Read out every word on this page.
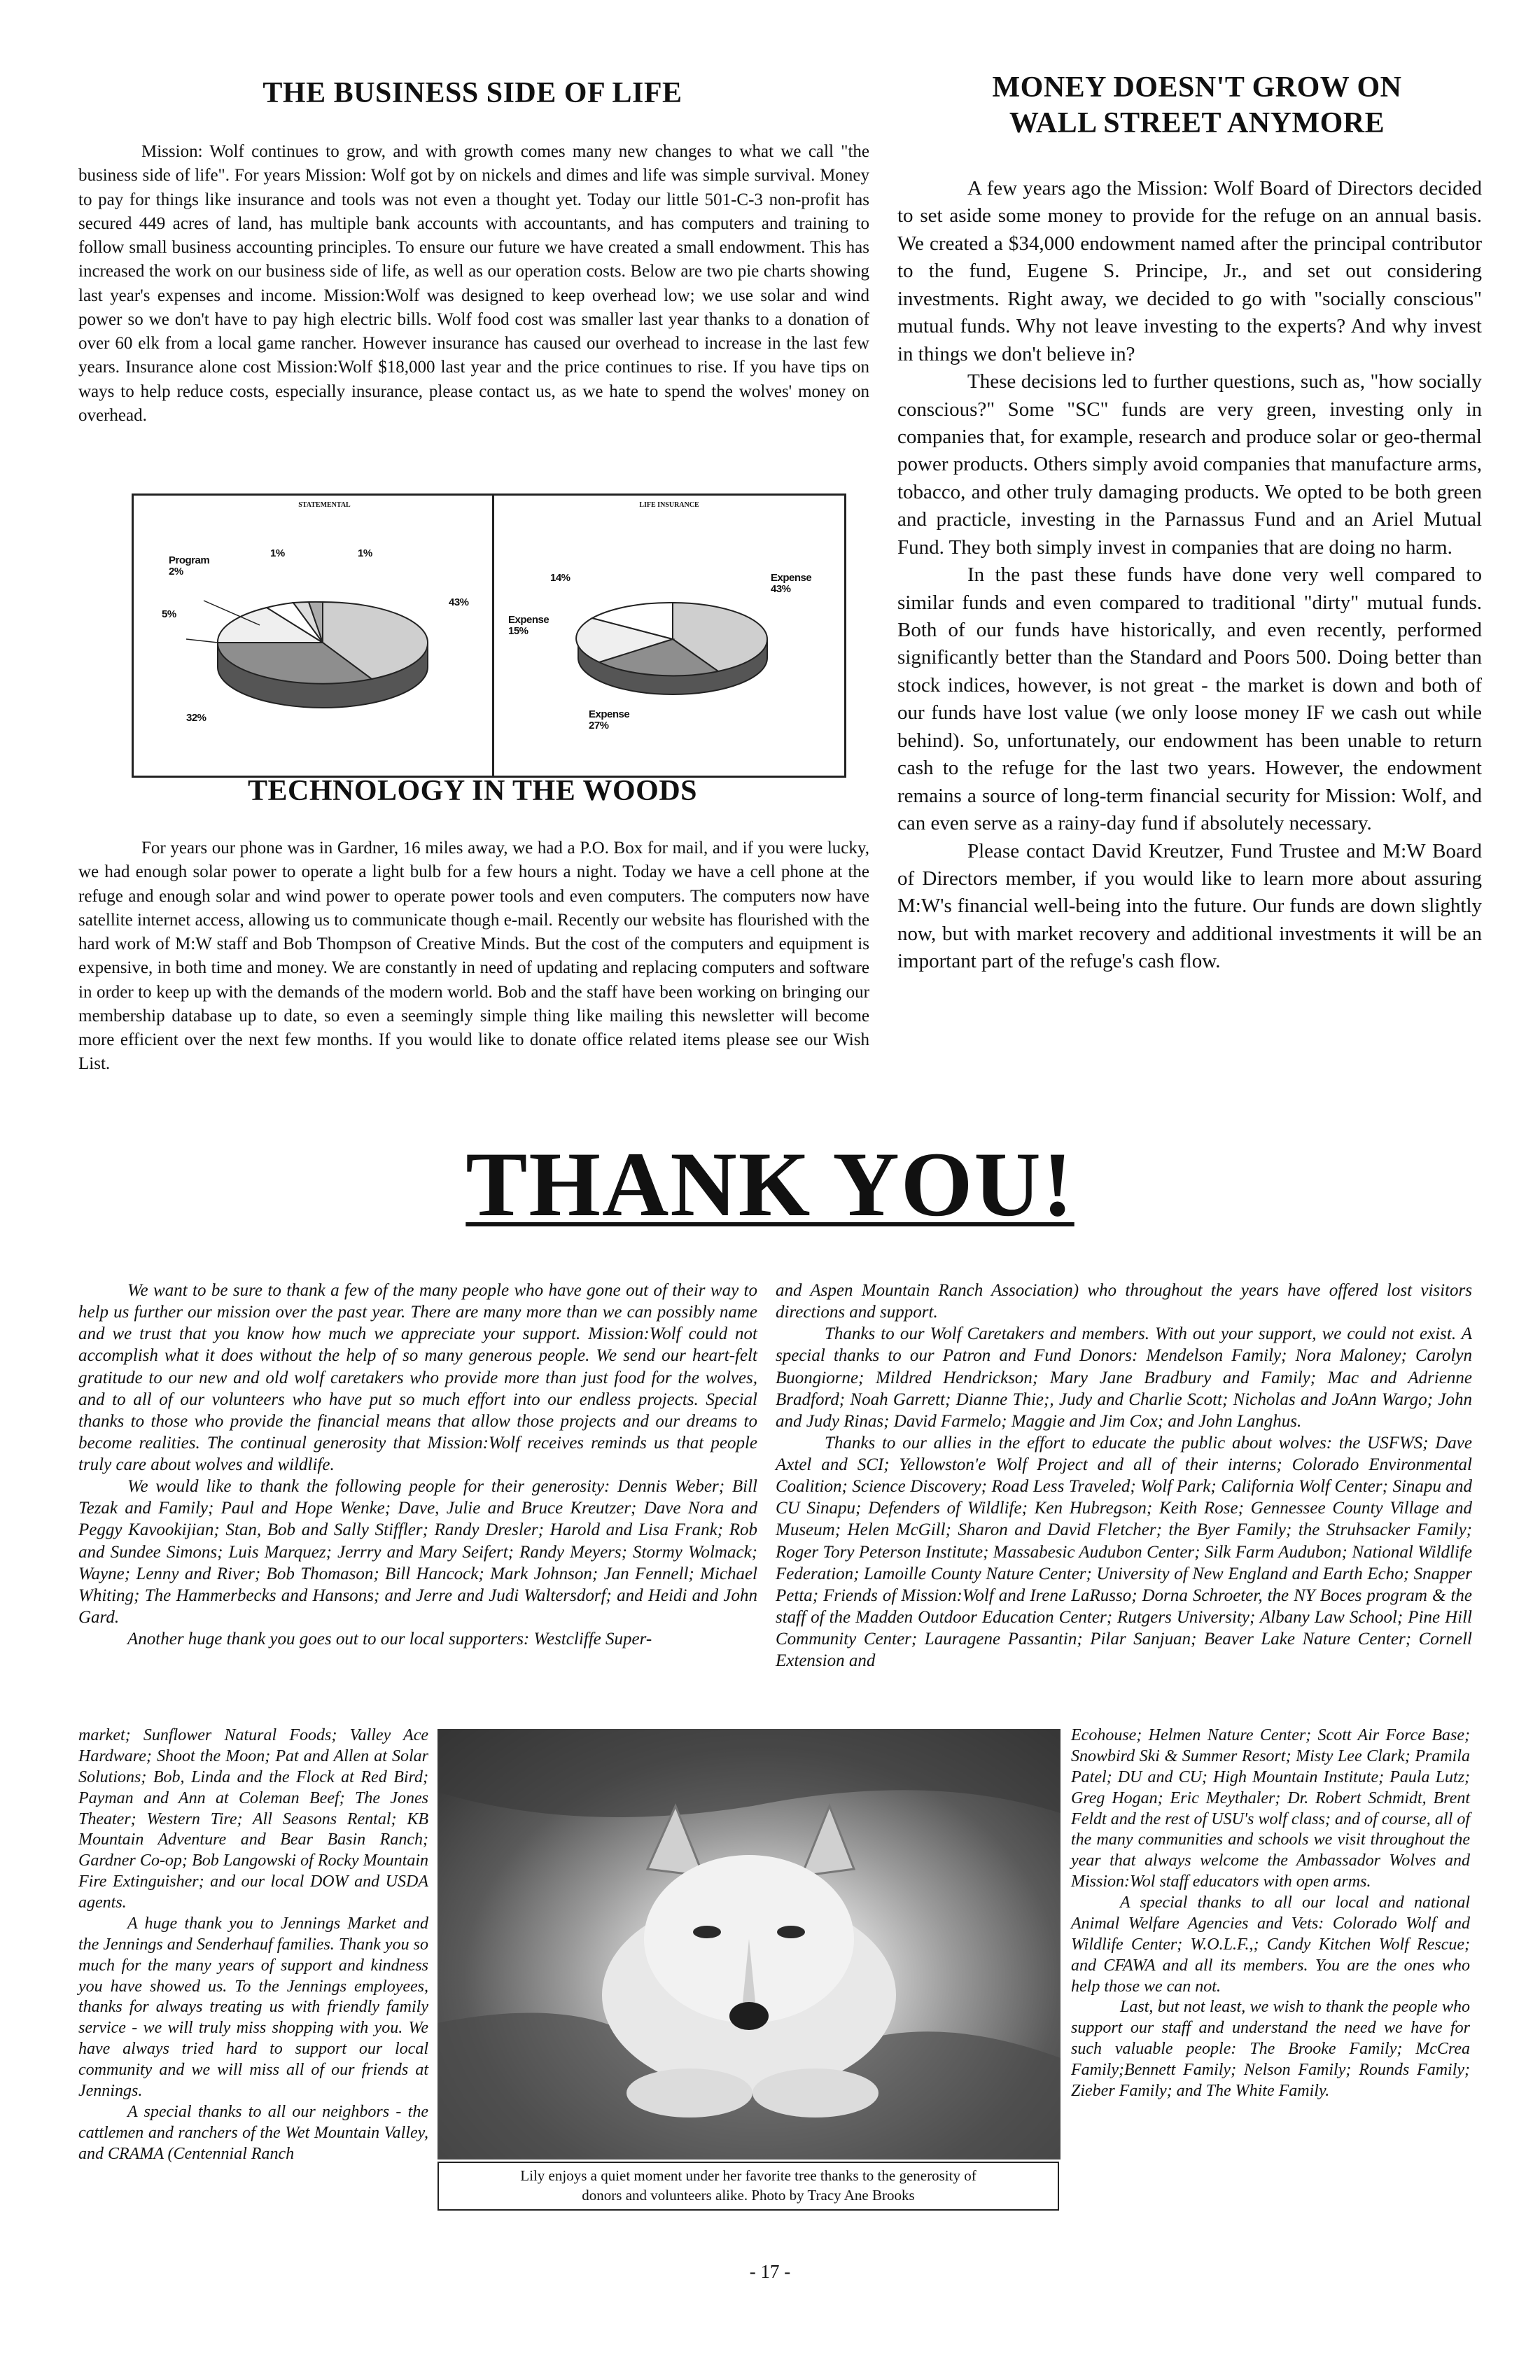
THE BUSINESS SIDE OF LIFE

Mission: Wolf continues to grow, and with growth comes many new changes to what we call "the business side of life". For years Mission: Wolf got by on nickels and dimes and life was simple survival. Money to pay for things like insurance and tools was not even a thought yet. Today our little 501-C-3 non-profit has secured 449 acres of land, has multiple bank accounts with accountants, and has computers and training to follow small business accounting principles. To ensure our future we have created a small endowment. This has increased the work on our business side of life, as well as our operation costs. Below are two pie charts showing last year's expenses and income. Mission:Wolf was designed to keep overhead low; we use solar and wind power so we don't have to pay high electric bills. Wolf food cost was smaller last year thanks to a donation of over 60 elk from a local game rancher. However insurance has caused our overhead to increase in the last few years. Insurance alone cost Mission:Wolf $18,000 last year and the price continues to rise. If you have tips on ways to help reduce costs, especially insurance, please contact us, as we hate to spend the wolves' money on overhead.

STATEMENTAL
Program 2%
1%	1%
5%
43%
32%
LIFE INSURANCE
14%	Expense 43%
Expense 15%
Expense 27%
TECHNOLOGY IN THE WOODS

For years our phone was in Gardner, 16 miles away, we had a P.O. Box for mail, and if you were lucky, we had enough solar power to operate a light bulb for a few hours a night. Today we have a cell phone at the refuge and enough solar and wind power to operate power tools and even computers. The computers now have satellite internet access, allowing us to communicate though e-mail. Recently our website has flourished with the hard work of M:W staff and Bob Thompson of Creative Minds. But the cost of the computers and equipment is expensive, in both time and money. We are constantly in need of updating and replacing computers and software in order to keep up with the demands of the modern world. Bob and the staff have been working on bringing our membership database up to date, so even a seemingly simple thing like mailing this newsletter will become more efficient over the next few months. If you would like to donate office related items please see our Wish List.

MONEY DOESN'T GROW ON
WALL STREET ANYMORE

A few years ago the Mission: Wolf Board of Directors decided to set aside some money to provide for the refuge on an annual basis. We created a $34,000 endowment named after the principal contributor to the fund, Eugene S. Principe, Jr., and set out considering investments. Right away, we decided to go with "socially conscious" mutual funds. Why not leave investing to the experts? And why invest in things we don't believe in?

These decisions led to further questions, such as, "how socially conscious?" Some "SC" funds are very green, investing only in companies that, for example, research and produce solar or geo-thermal power products. Others simply avoid companies that manufacture arms, tobacco, and other truly damaging products. We opted to be both green and practicle, investing in the Parnassus Fund and an Ariel Mutual Fund. They both simply invest in companies that are doing no harm.

In the past these funds have done very well compared to similar funds and even compared to traditional "dirty" mutual funds. Both of our funds have historically, and even recently, performed significantly better than the Standard and Poors 500. Doing better than stock indices, however, is not great - the market is down and both of our funds have lost value (we only loose money IF we cash out while behind). So, unfortunately, our endowment has been unable to return cash to the refuge for the last two years. However, the endowment remains a source of long-term financial security for Mission: Wolf, and can even serve as a rainy-day fund if absolutely necessary.

Please contact David Kreutzer, Fund Trustee and M:W Board of Directors member, if you would like to learn more about assuring M:W's financial well-being into the future. Our funds are down slightly now, but with market recovery and additional investments it will be an important part of the refuge's cash flow.

THANK YOU!

We want to be sure to thank a few of the many people who have gone out of their way to help us further our mission over the past year. There are many more than we can possibly name and we trust that you know how much we appreciate your support. Mission:Wolf could not accomplish what it does without the help of so many generous people. We send our heart-felt gratitude to our new and old wolf caretakers who provide more than just food for the wolves, and to all of our volunteers who have put so much effort into our endless projects. Special thanks to those who provide the financial means that allow those projects and our dreams to become realities. The continual generosity that Mission:Wolf receives reminds us that people truly care about wolves and wildlife.

We would like to thank the following people for their generosity: Dennis Weber; Bill Tezak and Family; Paul and Hope Wenke; Dave, Julie and Bruce Kreutzer; Dave Nora and Peggy Kavookijian; Stan, Bob and Sally Stiffler; Randy Dresler; Harold and Lisa Frank; Rob and Sundee Simons; Luis Marquez; Jerrry and Mary Seifert; Randy Meyers; Stormy Wolmack; Wayne; Lenny and River; Bob Thomason; Bill Hancock; Mark Johnson; Jan Fennell; Michael Whiting; The Hammerbecks and Hansons; and Jerre and Judi Waltersdorf; and Heidi and John Gard.

Another huge thank you goes out to our local supporters: Westcliffe Super-

market; Sunflower Natural Foods; Valley Ace Hardware; Shoot the Moon; Pat and Allen at Solar Solutions; Bob, Linda and the Flock at Red Bird; Payman and Ann at Coleman Beef; The Jones Theater; Western Tire; All Seasons Rental; KB Mountain Adventure and Bear Basin Ranch; Gardner Co-op; Bob Langowski of Rocky Mountain Fire Extinguisher; and our local DOW and USDA agents.

A huge thank you to Jennings Market and the Jennings and Senderhauf families. Thank you so much for the many years of support and kindness you have showed us. To the Jennings employees, thanks for always treating us with friendly family service - we will truly miss shopping with you. We have always tried hard to support our local community and we will miss all of our friends at Jennings.

A special thanks to all our neighbors - the cattlemen and ranchers of the Wet Mountain Valley, and CRAMA (Centennial Ranch

and Aspen Mountain Ranch Association) who throughout the years have offered lost visitors directions and support.

Thanks to our Wolf Caretakers and members. With out your support, we could not exist. A special thanks to our Patron and Fund Donors: Mendelson Family; Nora Maloney; Carolyn Buongiorne; Mildred Hendrickson; Mary Jane Bradbury and Family; Mac and Adrienne Bradford; Noah Garrett; Dianne Thie;, Judy and Charlie Scott; Nicholas and JoAnn Wargo; John and Judy Rinas; David Farmelo; Maggie and Jim Cox; and John Langhus.

Thanks to our allies in the effort to educate the public about wolves: the USFWS; Dave Axtel and SCI; Yellowston'e Wolf Project and all of their interns; Colorado Environmental Coalition; Science Discovery; Road Less Traveled; Wolf Park; California Wolf Center; Sinapu and CU Sinapu; Defenders of Wildlife; Ken Hubregson; Keith Rose; Gennessee County Village and Museum; Helen McGill; Sharon and David Fletcher; the Byer Family; the Struhsacker Family; Roger Tory Peterson Institute; Massabesic Audubon Center; Silk Farm Audubon; National Wildlife Federation; Lamoille County Nature Center; University of New England and Earth Echo; Snapper Petta; Friends of Mission:Wolf and Irene LaRusso; Dorna Schroeter, the NY Boces program & the staff of the Madden Outdoor Education Center; Rutgers University; Albany Law School; Pine Hill Community Center; Lauragene Passantin; Pilar Sanjuan; Beaver Lake Nature Center; Cornell Extension and

Ecohouse; Helmen Nature Center; Scott Air Force Base; Snowbird Ski & Summer Resort; Misty Lee Clark; Pramila Patel; DU and CU; High Mountain Institute; Paula Lutz; Greg Hogan; Eric Meythaler; Dr. Robert Schmidt, Brent Feldt and the rest of USU's wolf class; and of course, all of the many communities and schools we visit throughout the year that always welcome the Ambassador Wolves and Mission:Wol staff educators with open arms.

A special thanks to all our local and national Animal Welfare Agencies and Vets: Colorado Wolf and Wildlife Center; W.O.L.F.,; Candy Kitchen Wolf Rescue; and CFAWA and all its members. You are the ones who help those we can not.

Last, but not least, we wish to thank the people who support our staff and understand the need we have for such valuable people: The Brooke Family; McCrea Family;Bennett Family; Nelson Family; Rounds Family; Zieber Family; and The White Family.

Lily enjoys a quiet moment under her favorite tree thanks to the generosity of
donors and volunteers alike. Photo by Tracy Ane Brooks
- 17 -
